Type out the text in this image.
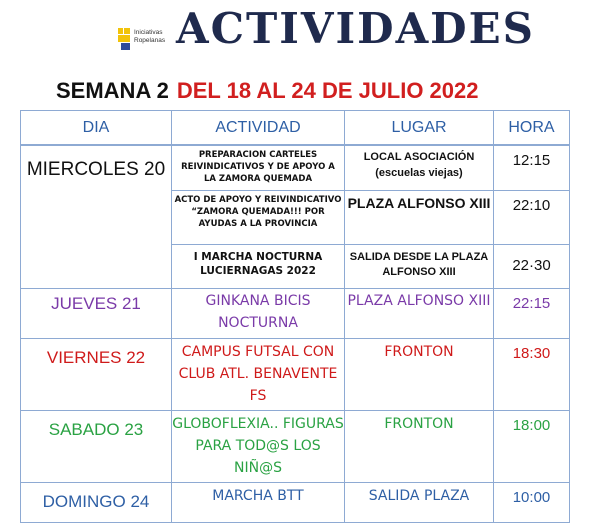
Iniciativas
Ropelanas ACTIVIDADES
SEMANA 2 DEL 18 AL 24 DE JULIO 2022
DIA	ACTIVIDAD	LUGAR	HORA
MIERCOLES 20	PREPARACION CARTELES REIVINDICATIVOS Y DE APOYO A LA ZAMORA QUEMADA	LOCAL ASOCIACIÓN (escuelas viejas)	12:15
	ACTO DE APOYO Y REIVINDICATIVO “ZAMORA QUEMADA!!! POR AYUDAS A LA PROVINCIA	PLAZA ALFONSO XIII	22:10
	I MARCHA NOCTURNA LUCIERNAGAS 2022	SALIDA DESDE LA PLAZA ALFONSO XIII	22·30
JUEVES 21	GINKANA BICIS NOCTURNA	PLAZA ALFONSO XIII	22:15
VIERNES 22	CAMPUS FUTSAL CON CLUB ATL. BENAVENTE FS	FRONTON	18:30
SABADO 23	GLOBOFLEXIA.. FIGURAS PARA TOD@S LOS NIÑ@S	FRONTON	18:00
DOMINGO 24	MARCHA BTT	SALIDA PLAZA	10:00
